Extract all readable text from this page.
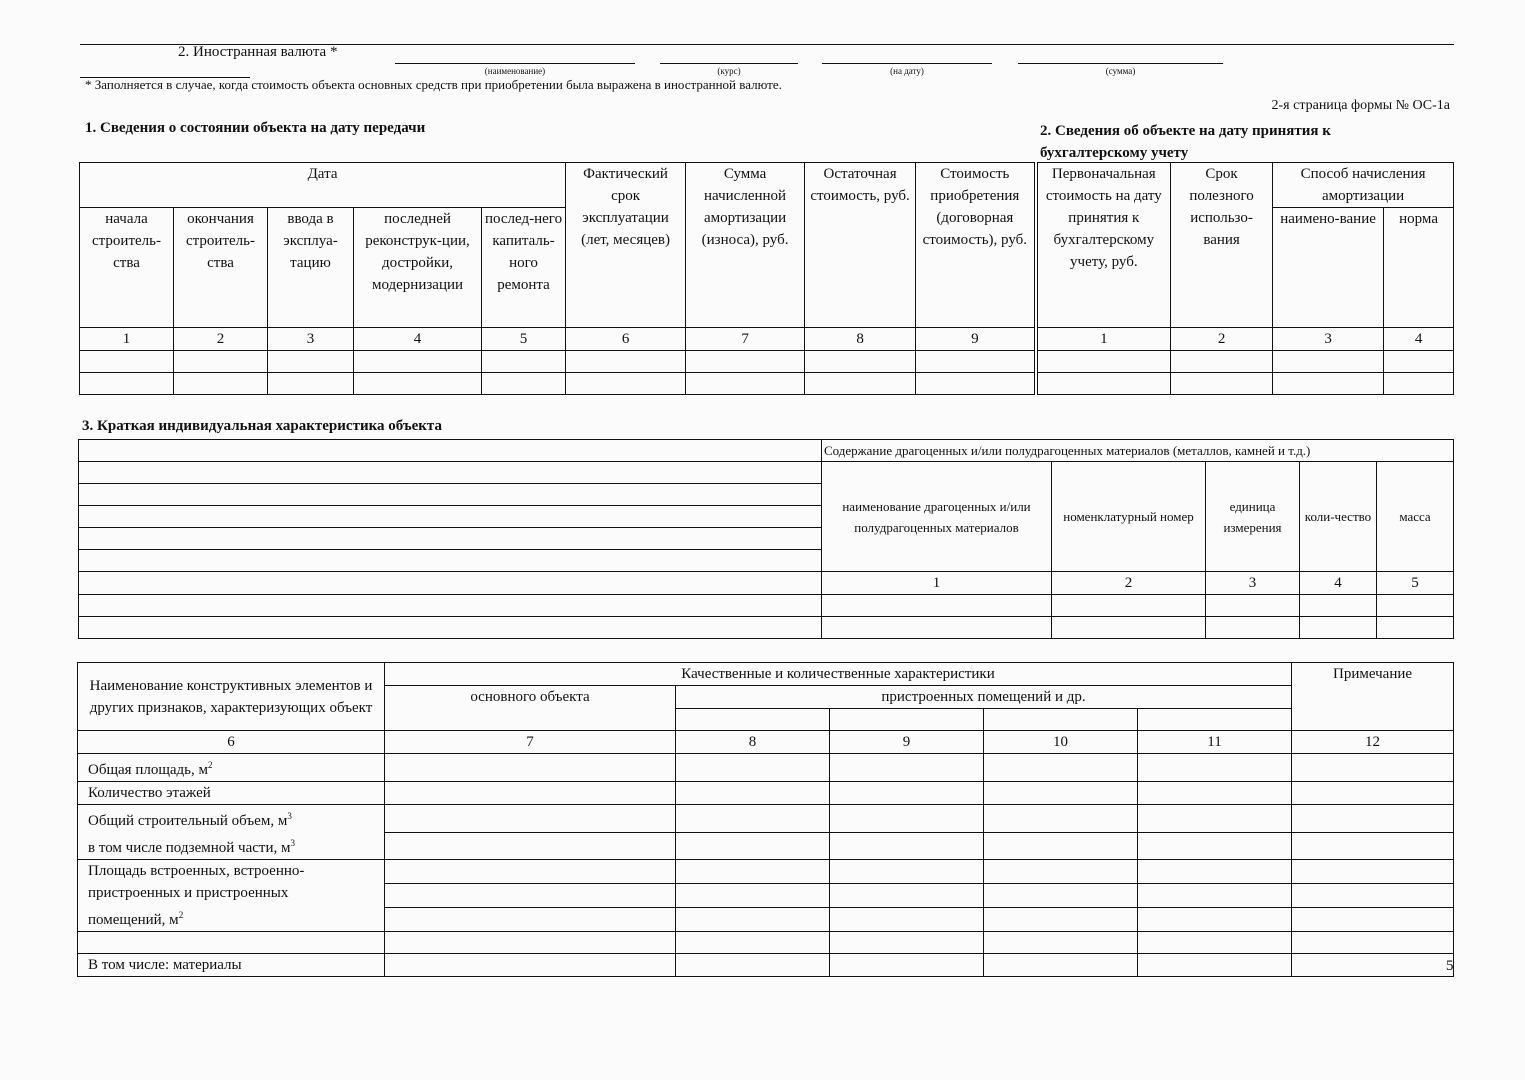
2. Иностранная валюта *
(наименование)	(курс)	(на дату)	(сумма)
* Заполняется в случае, когда стоимость объекта основных средств при приобретении была выражена в иностранной валюте.
2-я страница формы № ОС-1а
1. Сведения о состоянии объекта на дату передачи	2. Сведения об объекте на дату принятия к бухгалтерскому учету
Дата					Фактический срок эксплуатации (лет, месяцев)	Сумма начисленной амортизации (износа), руб.	Остаточная стоимость, руб.	Стоимость приобретения (договорная стоимость), руб.	Первоначальная стоимость на дату принятия к бухгалтерскому учету, руб.	Срок полезного использо-вания	Способ начисления амортизации	
начала строитель-ства	окончания строитель-ства	ввода в эксплуа-тацию	последней реконструк-ции, достройки, модернизации	послед-него капиталь-ного ремонта							наимено-вание	норма
1	2	3	4	5	6	7	8	9	1	2	3	4

3. Краткая индивидуальная характеристика объекта
	Содержание драгоценных и/или полудрагоценных материалов (металлов, камней и т.д.)				
	наименование драгоценных и/или полудрагоценных материалов	номенклатурный номер	единица измерения	коли-чество	масса

	1	2	3	4	5

Наименование конструктивных элементов и других признаков, характеризующих объект	Качественные и количественные характеристики					Примечание
	основного объекта	пристроенных помещений и др.				

6	7	8	9	10	11	12
Общая площадь, $м^2$						
Количество этажей						
Общий строительный объем, $м^3$
в том числе подземной части, $м^3$						

Площадь встроенных, встроенно-пристроенных и пристроенных помещений, $м^2$						

В том числе: материалы							5
